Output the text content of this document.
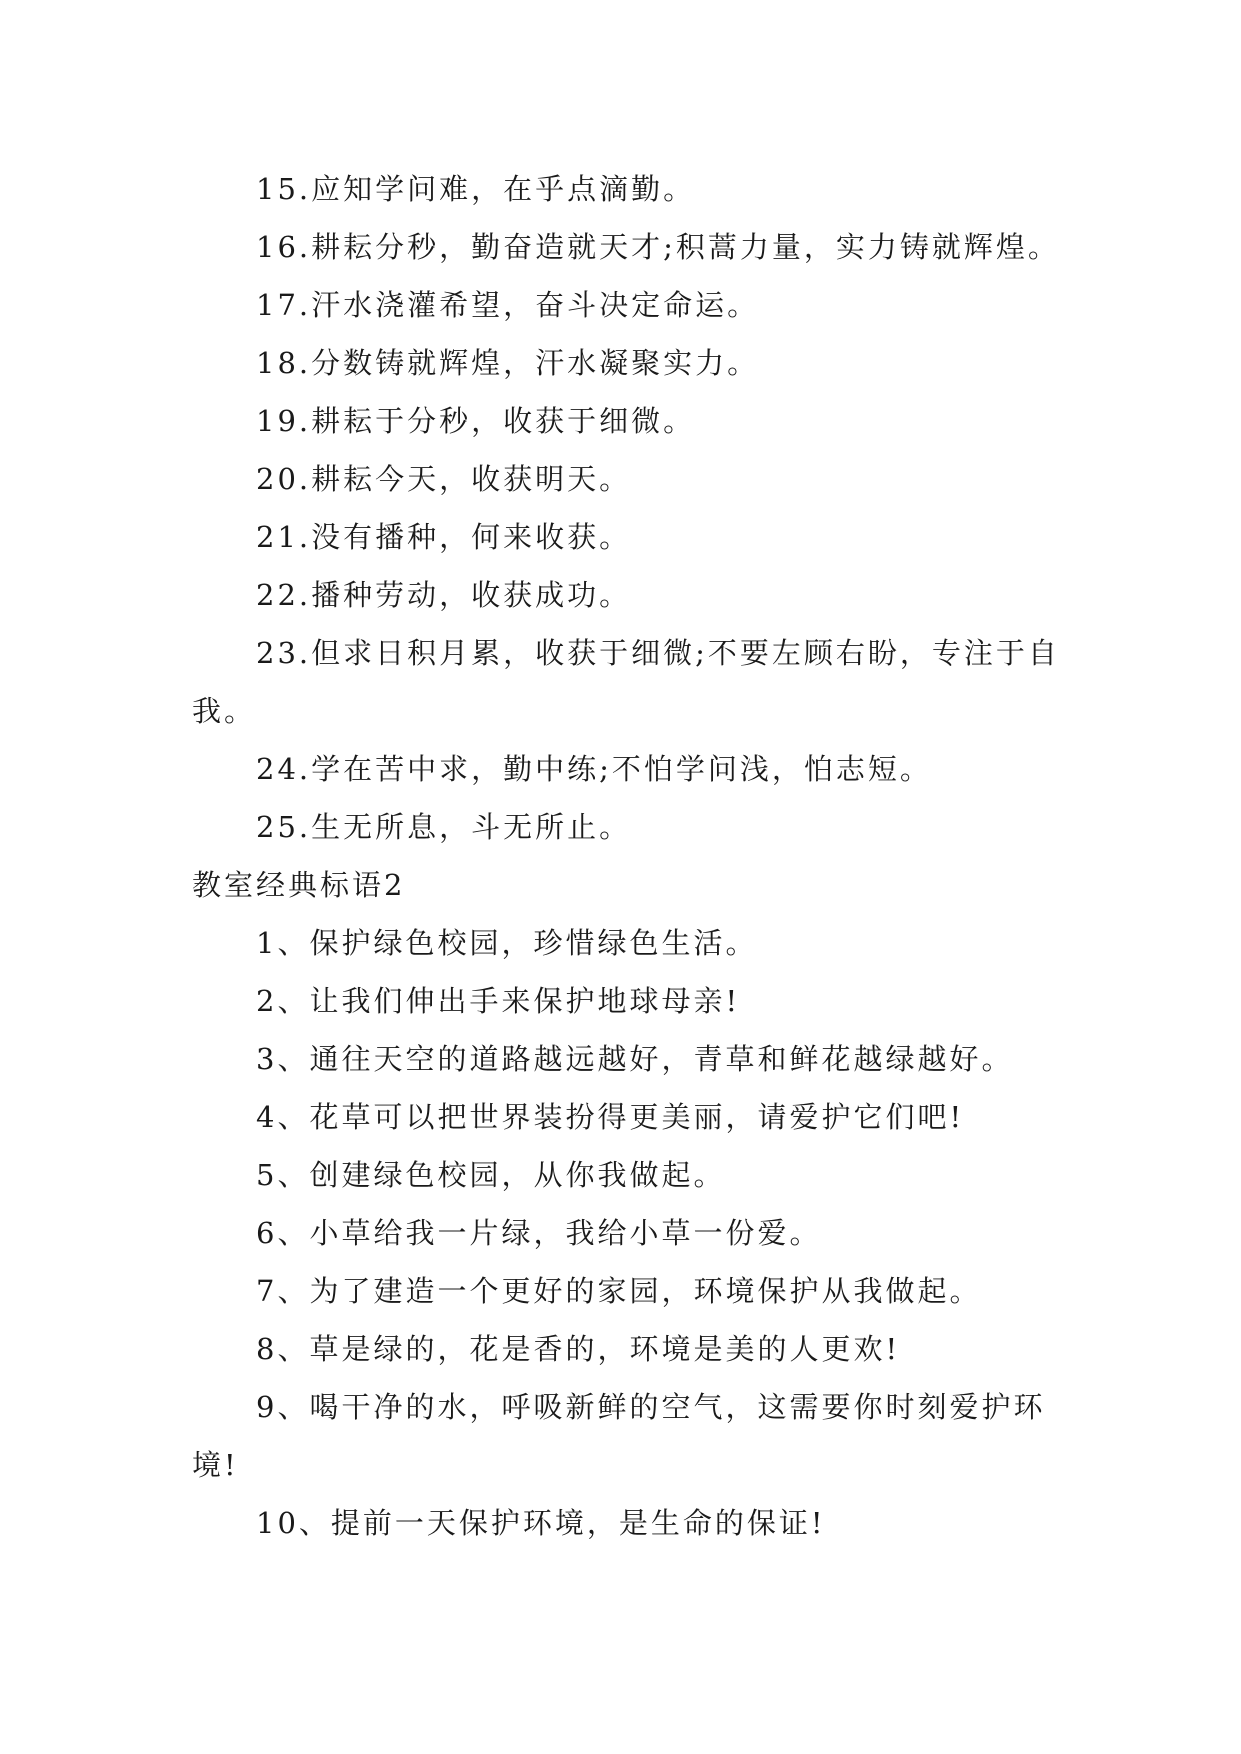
15.应知学问难，在乎点滴勤。

16.耕耘分秒，勤奋造就天才;积蒿力量，实力铸就辉煌。

17.汗水浇灌希望，奋斗决定命运。

18.分数铸就辉煌，汗水凝聚实力。

19.耕耘于分秒，收获于细微。

20.耕耘今天，收获明天。

21.没有播种，何来收获。

22.播种劳动，收获成功。

23.但求日积月累，收获于细微;不要左顾右盼，专注于自我。

24.学在苦中求，勤中练;不怕学问浅，怕志短。

25.生无所息，斗无所止。

教室经典标语2

1、保护绿色校园，珍惜绿色生活。

2、让我们伸出手来保护地球母亲!

3、通往天空的道路越远越好，青草和鲜花越绿越好。

4、花草可以把世界装扮得更美丽，请爱护它们吧!

5、创建绿色校园，从你我做起。

6、小草给我一片绿，我给小草一份爱。

7、为了建造一个更好的家园，环境保护从我做起。

8、草是绿的，花是香的，环境是美的人更欢!

9、喝干净的水，呼吸新鲜的空气，这需要你时刻爱护环境!

10、提前一天保护环境，是生命的保证!
